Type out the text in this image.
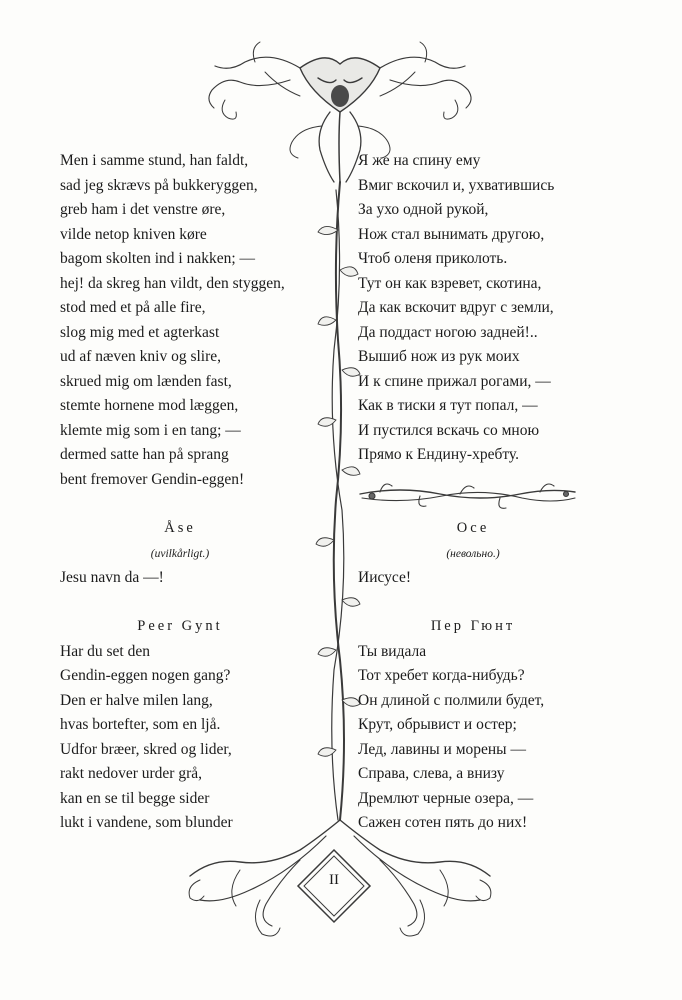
Men i samme stund, han faldt,
sad jeg skrævs på bukkeryggen,
greb ham i det venstre øre,
vilde netop kniven køre
bagom skolten ind i nakken; —
hej! da skreg han vildt, den styggen,
stod med et på alle fire,
slog mig med et agterkast
ud af næven kniv og slire,
skrued mig om lænden fast,
stemte hornene mod læggen,
klemte mig som i en tang; —
dermed satte han på sprang
bent fremover Gendin-eggen!
Åse
(uvilkårligt.)
Jesu navn da —!
Peer Gynt
Har du set den
Gendin-eggen nogen gang?
Den er halve milen lang,
hvas bortefter, som en ljå.
Udfor bræer, skred og lider,
rakt nedover urder grå,
kan en se til begge sider
lukt i vandene, som blunder
Я же на спину ему
Вмиг вскочил и, ухватившись
За ухо одной рукой,
Нож стал вынимать другою,
Чтоб оленя приколоть.
Тут он как взревет, скотина,
Да как вскочит вдруг с земли,
Да поддаст ногою задней!..
Вышиб нож из рук моих
И к спине прижал рогами, —
Как в тиски я тут попал, —
И пустился вскачь со мною
Прямо к Ендину-хребту.
Осе
(невольно.)
Иисусе!
Пер Гюнт
Ты видала
Тот хребет когда-нибудь?
Он длиной с полмили будет,
Крут, обрывист и остер;
Лед, лавины и морены —
Справа, слева, а внизу
Дремлют черные озера, —
Сажен сотен пять до них!
II
